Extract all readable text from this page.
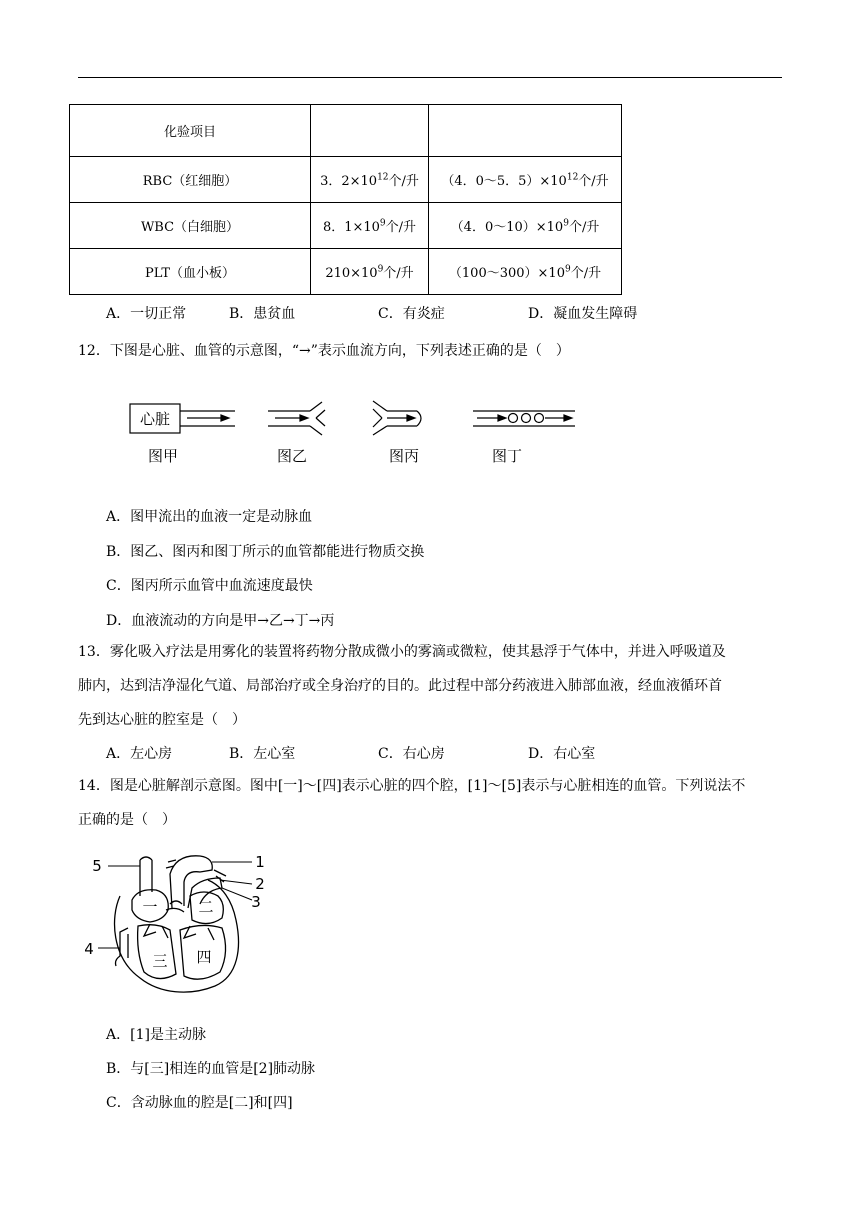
化验项目		
RBC（红细胞）	3．$2\times 10^{12}$个/升	（4．0～5．$5)\times 10^{12}$个/升
WBC（白细胞）	8．$1\times 10^9$个/升	（4．$0\sim 10)\times 10^9$个/升
PLT（血小板）	$210\times 10^9$个/升	$(100\sim 300)\times 10^9$个/升
A．一切正常	B．患贫血	C．有炎症	D．凝血发生障碍
12．下图是心脏、血管的示意图，“→”表示血流方向，下列表述正确的是（　）
心脏
图甲	图乙	图丙	图丁
A．图甲流出的血液一定是动脉血
B．图乙、图丙和图丁所示的血管都能进行物质交换
C．图丙所示血管中血流速度最快
D．血液流动的方向是甲→乙→丁→丙
13．雾化吸入疗法是用雾化的装置将药物分散成微小的雾滴或微粒，使其悬浮于气体中，并进入呼吸道及
肺内，达到洁净湿化气道、局部治疗或全身治疗的目的。此过程中部分药液进入肺部血液，经血液循环首
先到达心脏的腔室是（　）
A．左心房	B．左心室	C．右心房	D．右心室
14．图是心脏解剖示意图。图中[一]～[四]表示心脏的四个腔，[1]～[5]表示与心脏相连的血管。下列说法不
正确的是（　）
5	1
2
3
4
一	二
三 四
A．[1]是主动脉
B．与[三]相连的血管是[2]肺动脉
C．含动脉血的腔是[二]和[四]
